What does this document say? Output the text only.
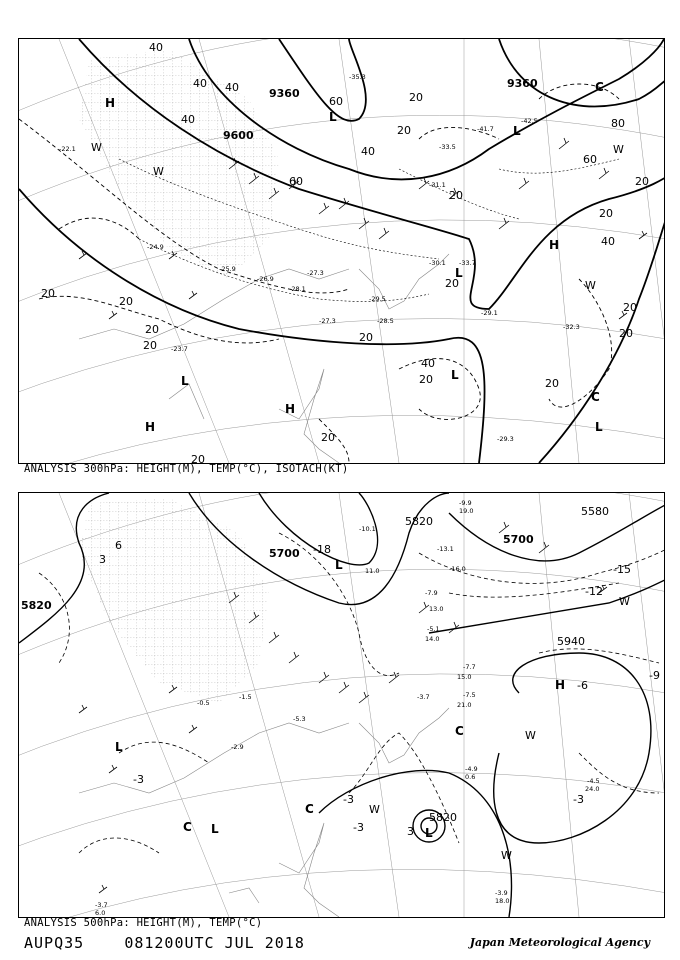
9360
9600
9360
40
40
40
20
20
20
60
60
80
60
40
20
20
40
20
40
20
20
20
20	20
20
20
20
40
20
20
20
H
L
L
H
L
L
H
L
H
C
C
L
W
W
W
W
-33.7
-31.1
-29.1
-29.5
-28.5
-27.3
-24.9
-26.9
-25.9
-32.3
-29.3
-30.1
-28.1
-27.3
-35.3
-33.5
-41.7
-42.5
-22.1
-23.7
ANALYSIS 300hPa: HEIGHT(M), TEMP(°C), ISOTACH(KT)
5700
5820
5700
5580
5820
5940
5820
-18
-15
-12
-9
-6
-3
-3
-3
-3
3
6
3	L
H
C
L
C
L
C	L
W
W
W
W
-9.9
-13.1
-10.1
-16.0
-7.9
-5.1
-7.7
-7.5
-3.7
-4.9
-4.5
-3.9
-3.7
-5.3
-1.5
-2.9
-0.5
15.0
21.0
24.0
18.0
14.0
13.0
19.0
11.0
0.6
6.0
ANALYSIS 500hPa: HEIGHT(M), TEMP(°C)
AUPQ35	081200UTC JUL 2018	Japan Meteorological Agency
